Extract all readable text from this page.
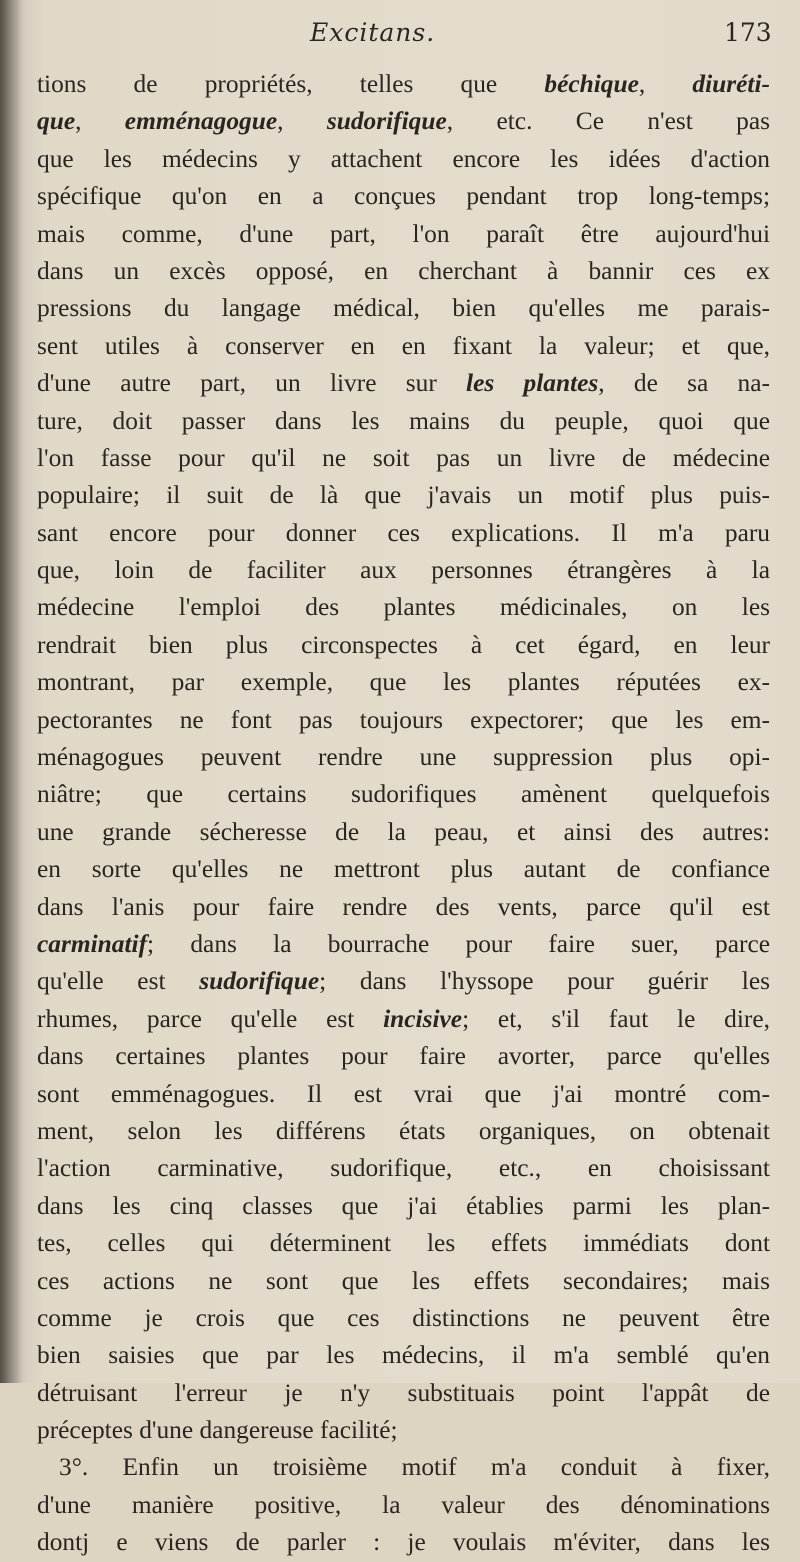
Excitans.	173
tions de propriétés, telles que béchique, diuréti-
que, emménagogue, sudorifique, etc. Ce n'est pas
que les médecins y attachent encore les idées d'action
spécifique qu'on en a conçues pendant trop long-temps;
mais comme, d'une part, l'on paraît être aujourd'hui
dans un excès opposé, en cherchant à bannir ces ex
pressions du langage médical, bien qu'elles me parais-
sent utiles à conserver en en fixant la valeur; et que,
d'une autre part, un livre sur les plantes, de sa na-
ture, doit passer dans les mains du peuple, quoi que
l'on fasse pour qu'il ne soit pas un livre de médecine
populaire; il suit de là que j'avais un motif plus puis-
sant encore pour donner ces explications. Il m'a paru
que, loin de faciliter aux personnes étrangères à la
médecine l'emploi des plantes médicinales, on les
rendrait bien plus circonspectes à cet égard, en leur
montrant, par exemple, que les plantes réputées ex-
pectorantes ne font pas toujours expectorer; que les em-
ménagogues peuvent rendre une suppression plus opi-
niâtre; que certains sudorifiques amènent quelquefois
une grande sécheresse de la peau, et ainsi des autres:
en sorte qu'elles ne mettront plus autant de confiance
dans l'anis pour faire rendre des vents, parce qu'il est
carminatif; dans la bourrache pour faire suer, parce
qu'elle est sudorifique; dans l'hyssope pour guérir les
rhumes, parce qu'elle est incisive; et, s'il faut le dire,
dans certaines plantes pour faire avorter, parce qu'elles
sont emménagogues. Il est vrai que j'ai montré com-
ment, selon les différens états organiques, on obtenait
l'action carminative, sudorifique, etc., en choisissant
dans les cinq classes que j'ai établies parmi les plan-
tes, celles qui déterminent les effets immédiats dont
ces actions ne sont que les effets secondaires; mais
comme je crois que ces distinctions ne peuvent être
bien saisies que par les médecins, il m'a semblé qu'en
détruisant l'erreur je n'y substituais point l'appât de
préceptes d'une dangereuse facilité;
3°. Enfin un troisième motif m'a conduit à fixer,
d'une manière positive, la valeur des dénominations
dontj e viens de parler : je voulais m'éviter, dans les
